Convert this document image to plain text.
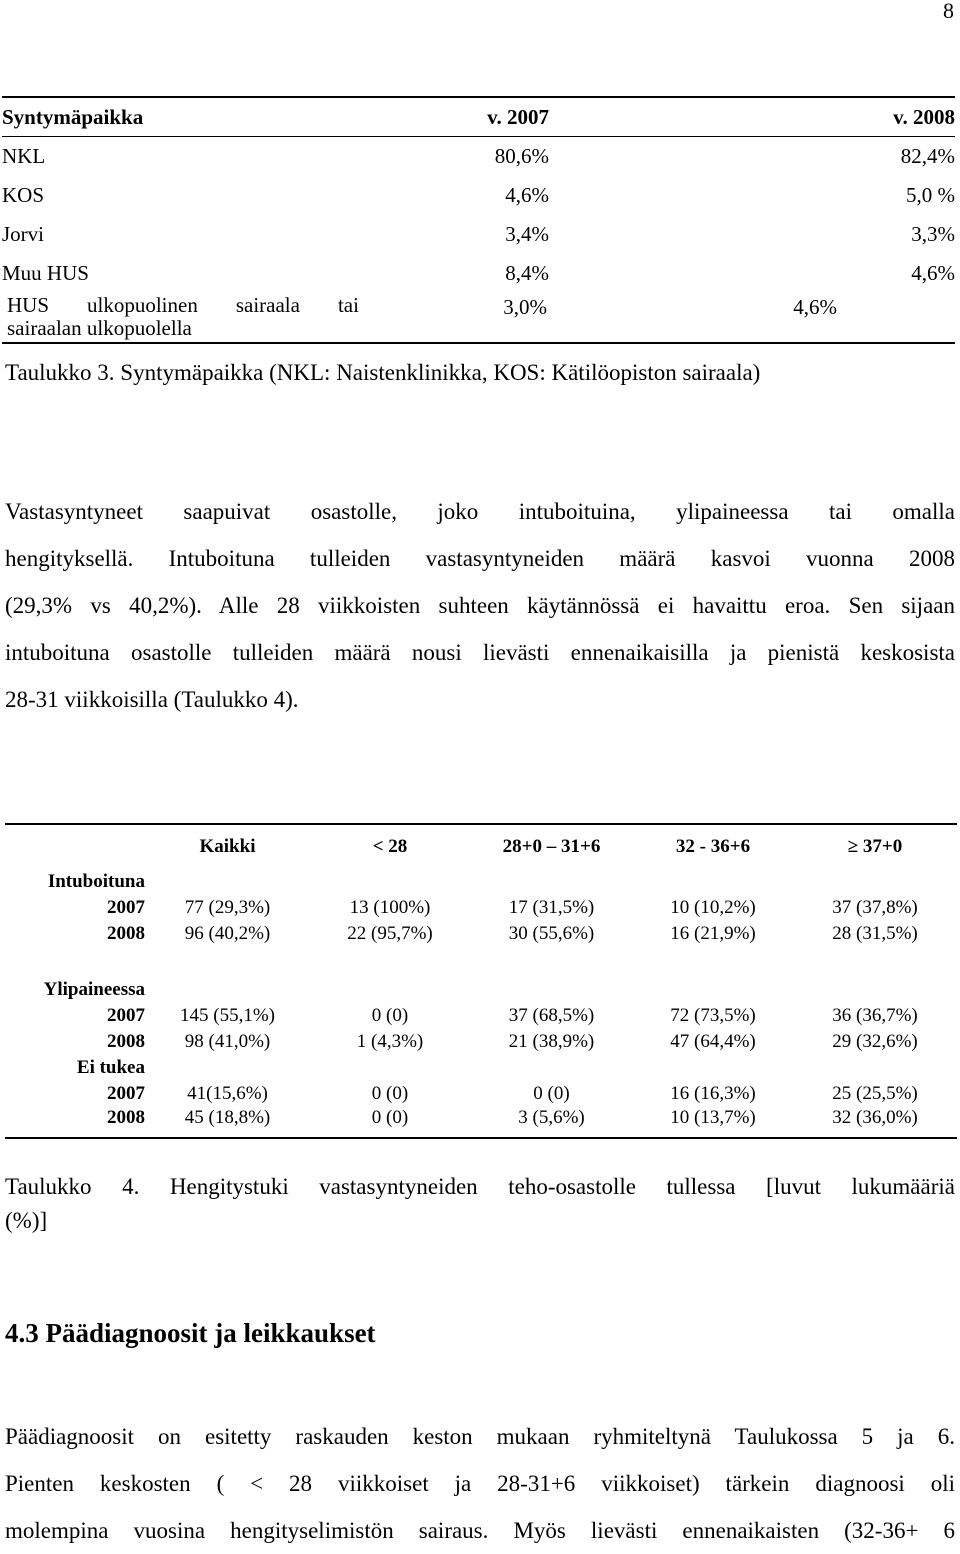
8
Syntymäpaikka	v. 2007	v. 2008
NKL	80,6%	82,4%
KOS	4,6%	5,0 %
Jorvi	3,4%	3,3%
Muu HUS	8,4%	4,6%

HUS ulkopuolinen sairaala tai
sairaalan ulkopuolella	3,0%	4,6%
Taulukko 3. Syntymäpaikka (NKL: Naistenklinikka, KOS: Kätilöopiston sairaala)
Vastasyntyneet saapuivat osastolle, joko intuboituina, ylipaineessa tai omalla
hengityksellä. Intuboituna tulleiden vastasyntyneiden määrä kasvoi vuonna 2008
(29,3% vs 40,2%). Alle 28 viikkoisten suhteen käytännössä ei havaittu eroa. Sen sijaan
intuboituna osastolle tulleiden määrä nousi lievästi ennenaikaisilla ja pienistä keskosista
28-31 viikkoisilla (Taulukko 4).
	Kaikki	< 28	28+0 – 31+6	32 - 36+6	≥ 37+0
Intuboituna					
2007	77 (29,3%)	13 (100%)	17 (31,5%)	10 (10,2%)	37 (37,8%)
2008	96 (40,2%)	22 (95,7%)	30 (55,6%)	16 (21,9%)	28 (31,5%)

Ylipaineessa					
2007	145 (55,1%)	0 (0)	37 (68,5%)	72 (73,5%)	36 (36,7%)
2008	98 (41,0%)	1 (4,3%)	21 (38,9%)	47 (64,4%)	29 (32,6%)
Ei tukea					
2007	41(15,6%)	0 (0)	0 (0)	16 (16,3%)	25 (25,5%)
2008	45 (18,8%)	0 (0)	3 (5,6%)	10 (13,7%)	32 (36,0%)
Taulukko 4. Hengitystuki vastasyntyneiden teho-osastolle tullessa [luvut lukumääriä
(%)]
4.3 Päädiagnoosit ja leikkaukset
Päädiagnoosit on esitetty raskauden keston mukaan ryhmiteltynä Taulukossa 5 ja 6.
Pienten keskosten ( < 28 viikkoiset ja 28-31+6 viikkoiset) tärkein diagnoosi oli
molempina vuosina hengityselimistön sairaus. Myös lievästi ennenaikaisten (32-36+ 6
